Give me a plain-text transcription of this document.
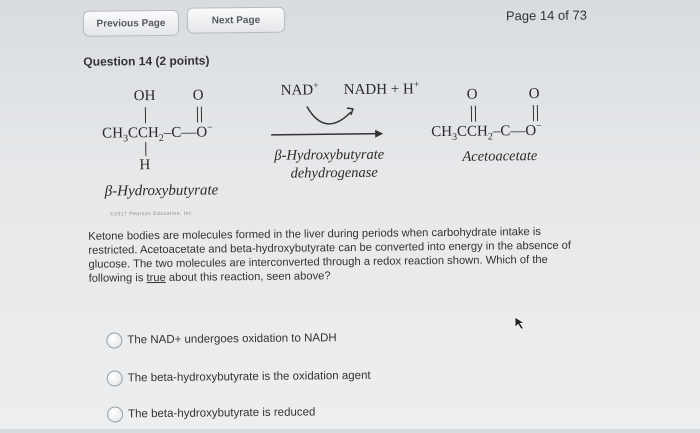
Previous Page	Next Page	Page 14 of 73
Question 14 (2 points)
OH O
$CH_3CCH_2-C—O^-$
H
β-Hydroxybutyrate
NAD+ NADH + H+
β-Hydroxybutyrate
dehydrogenase
O	O
$CH_3CCH_2-C—O^-$
Acetoacetate
©2017 Pearson Education, Inc.
Ketone bodies are molecules formed in the liver during periods when carbohydrate intake is restricted. Acetoacetate and beta-hydroxybutyrate can be converted into energy in the absence of glucose. The two molecules are interconverted through a redox reaction shown. Which of the following is true about this reaction, seen above?
The NAD+ undergoes oxidation to NADH
The beta-hydroxybutyrate is the oxidation agent
The beta-hydroxybutyrate is reduced
